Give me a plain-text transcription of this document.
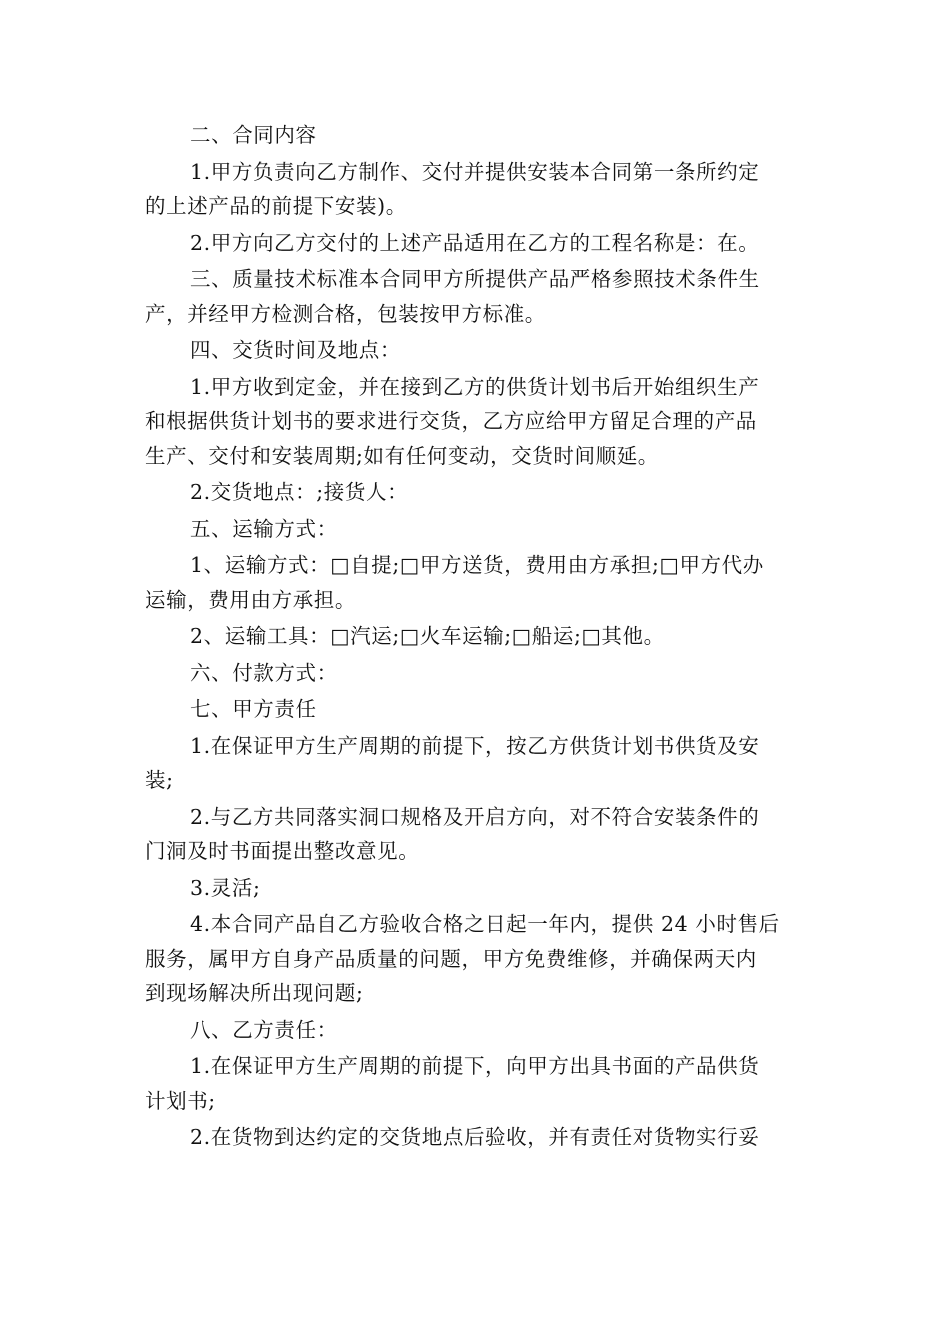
二、合同内容
1.甲方负责向乙方制作、交付并提供安装本合同第一条所约定
的上述产品的前提下安装)。
2.甲方向乙方交付的上述产品适用在乙方的工程名称是：在。
三、质量技术标准本合同甲方所提供产品严格参照技术条件生
产，并经甲方检测合格，包装按甲方标准。
四、交货时间及地点：
1.甲方收到定金，并在接到乙方的供货计划书后开始组织生产
和根据供货计划书的要求进行交货，乙方应给甲方留足合理的产品
生产、交付和安装周期;如有任何变动，交货时间顺延。
2.交货地点：;接货人：
五、运输方式：
1、运输方式：□自提;□甲方送货，费用由方承担;□甲方代办
运输，费用由方承担。
2、运输工具：□汽运;□火车运输;□船运;□其他。
六、付款方式：
七、甲方责任
1.在保证甲方生产周期的前提下，按乙方供货计划书供货及安
装;
2.与乙方共同落实洞口规格及开启方向，对不符合安装条件的
门洞及时书面提出整改意见。
3.灵活;
4.本合同产品自乙方验收合格之日起一年内，提供 24 小时售后
服务，属甲方自身产品质量的问题，甲方免费维修，并确保两天内
到现场解决所出现问题;
八、乙方责任：
1.在保证甲方生产周期的前提下，向甲方出具书面的产品供货
计划书;
2.在货物到达约定的交货地点后验收，并有责任对货物实行妥
